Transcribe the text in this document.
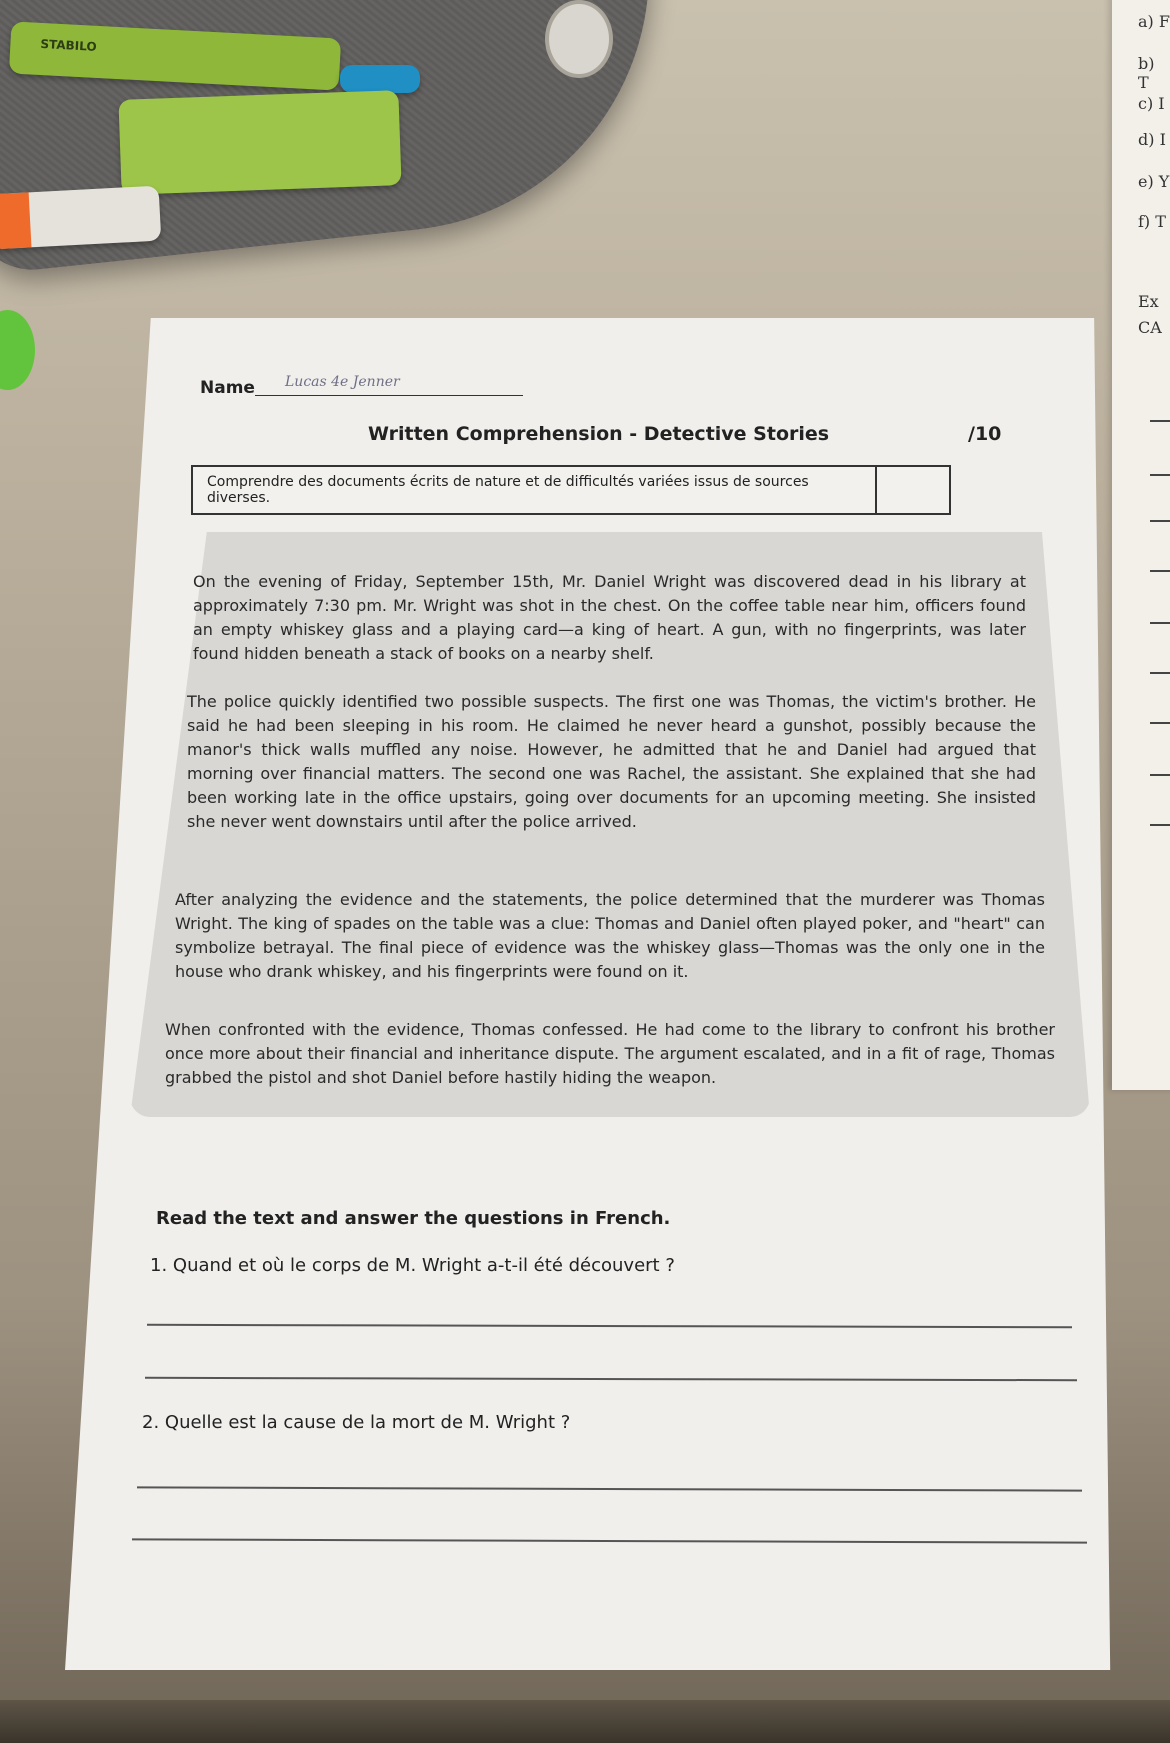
a) F
b) T
c) I
d) I
e) Y
f) T
Ex
CA
STABILO
Name Lucas 4e Jenner
Written Comprehension - Detective Stories	/10
Comprendre des documents écrits de nature et de difficultés variées issus de sources diverses.

On the evening of Friday, September 15th, Mr. Daniel Wright was discovered dead in his library at approximately 7:30 pm. Mr. Wright was shot in the chest. On the coffee table near him, officers found an empty whiskey glass and a playing card—a king of heart. A gun, with no fingerprints, was later found hidden beneath a stack of books on a nearby shelf.

The police quickly identified two possible suspects. The first one was Thomas, the victim's brother. He said he had been sleeping in his room. He claimed he never heard a gunshot, possibly because the manor's thick walls muffled any noise. However, he admitted that he and Daniel had argued that morning over financial matters. The second one was Rachel, the assistant. She explained that she had been working late in the office upstairs, going over documents for an upcoming meeting. She insisted she never went downstairs until after the police arrived.

After analyzing the evidence and the statements, the police determined that the murderer was Thomas Wright. The king of spades on the table was a clue: Thomas and Daniel often played poker, and "heart" can symbolize betrayal. The final piece of evidence was the whiskey glass—Thomas was the only one in the house who drank whiskey, and his fingerprints were found on it.

When confronted with the evidence, Thomas confessed. He had come to the library to confront his brother once more about their financial and inheritance dispute. The argument escalated, and in a fit of rage, Thomas grabbed the pistol and shot Daniel before hastily hiding the weapon.

Read the text and answer the questions in French.
1. Quand et où le corps de M. Wright a-t-il été découvert ?
2. Quelle est la cause de la mort de M. Wright ?
